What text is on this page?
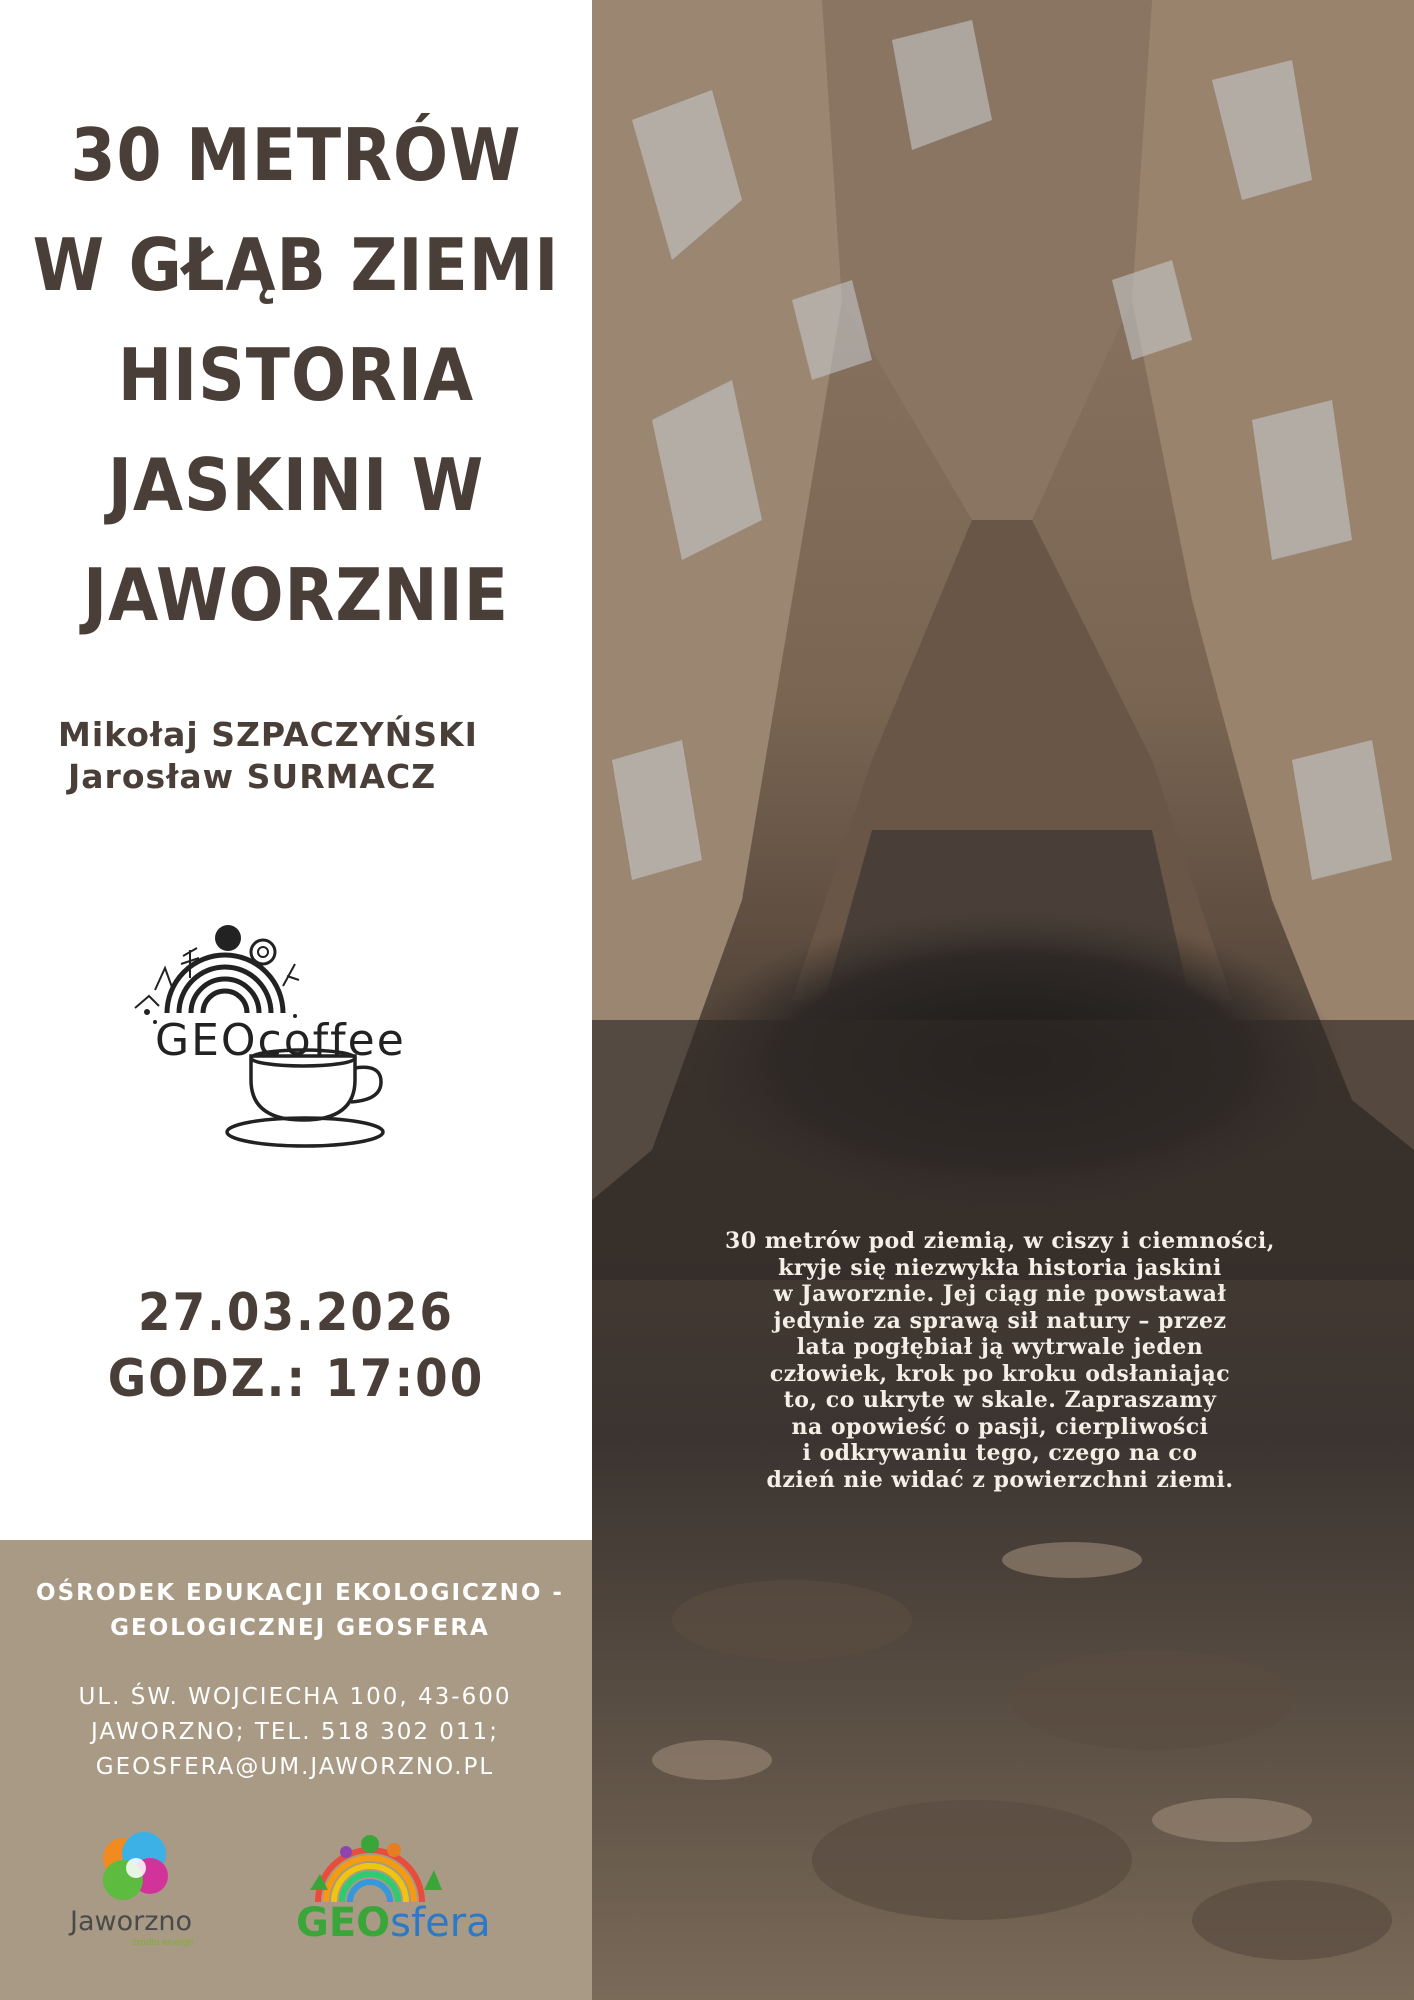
30 METRÓW
W GŁĄB ZIEMI
HISTORIA
JASKINI W
JAWORZNIE
Mikołaj SZPACZYŃSKI
Jarosław SURMACZ
GEOcoffee
27.03.2026
GODZ.: 17:00
OŚRODEK EDUKACJI EKOLOGICZNO - GEOLOGICZNEJ GEOSFERA
UL. ŚW. WOJCIECHA 100, 43-600 JAWORZNO; TEL. 518 302 011; GEOSFERA@UM.JAWORZNO.PL
Jaworzno
źródło energii	GEOsfera
30 metrów pod ziemią, w ciszy i ciemności,
kryje się niezwykła historia jaskini
w Jaworznie. Jej ciąg nie powstawał
jedynie za sprawą sił natury – przez
lata pogłębiał ją wytrwale jeden
człowiek, krok po kroku odsłaniając
to, co ukryte w skale. Zapraszamy
na opowieść o pasji, cierpliwości
i odkrywaniu tego, czego na co
dzień nie widać z powierzchni ziemi.
